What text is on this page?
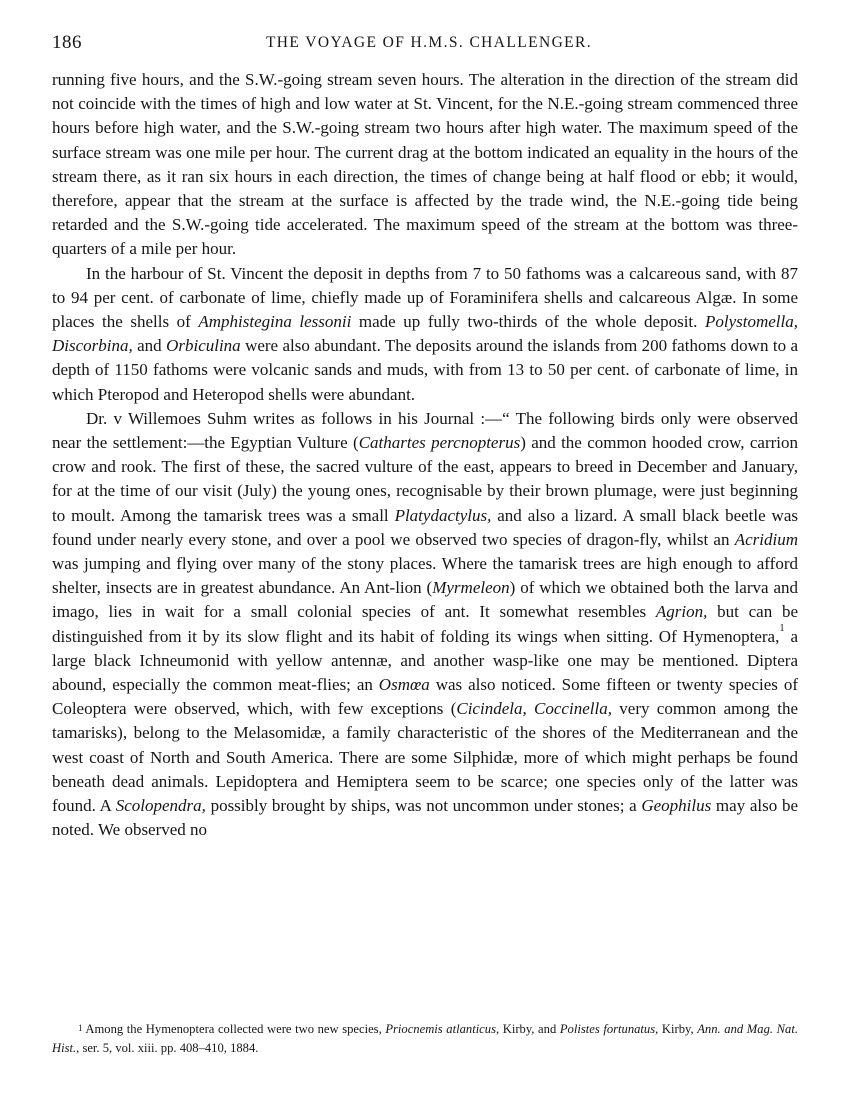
186	THE VOYAGE OF H.M.S. CHALLENGER.

running five hours, and the S.W.-going stream seven hours. The alteration in the direction of the stream did not coincide with the times of high and low water at St. Vincent, for the N.E.-going stream commenced three hours before high water, and the S.W.-going stream two hours after high water. The maximum speed of the surface stream was one mile per hour. The current drag at the bottom indicated an equality in the hours of the stream there, as it ran six hours in each direction, the times of change being at half flood or ebb; it would, therefore, appear that the stream at the surface is affected by the trade wind, the N.E.-going tide being retarded and the S.W.-going tide accelerated. The maximum speed of the stream at the bottom was three-quarters of a mile per hour.

In the harbour of St. Vincent the deposit in depths from 7 to 50 fathoms was a calcareous sand, with 87 to 94 per cent. of carbonate of lime, chiefly made up of Foraminifera shells and calcareous Algæ. In some places the shells of Amphistegina lessonii made up fully two-thirds of the whole deposit. Polystomella, Discorbina, and Orbiculina were also abundant. The deposits around the islands from 200 fathoms down to a depth of 1150 fathoms were volcanic sands and muds, with from 13 to 50 per cent. of carbonate of lime, in which Pteropod and Heteropod shells were abundant.

Dr. v Willemoes Suhm writes as follows in his Journal :—“ The following birds only were observed near the settlement:—the Egyptian Vulture (Cathartes percnopterus) and the common hooded crow, carrion crow and rook. The first of these, the sacred vulture of the east, appears to breed in December and January, for at the time of our visit (July) the young ones, recognisable by their brown plumage, were just beginning to moult. Among the tamarisk trees was a small Platydactylus, and also a lizard. A small black beetle was found under nearly every stone, and over a pool we observed two species of dragon-fly, whilst an Acridium was jumping and flying over many of the stony places. Where the tamarisk trees are high enough to afford shelter, insects are in greatest abundance. An Ant-lion (Myrmeleon) of which we obtained both the larva and imago, lies in wait for a small colonial species of ant. It somewhat resembles Agrion, but can be distinguished from it by its slow flight and its habit of folding its wings when sitting. Of Hymenoptera,$^1$ a large black Ichneumonid with yellow antennæ, and another wasp-like one may be mentioned. Diptera abound, especially the common meat-flies; an Osmœa was also noticed. Some fifteen or twenty species of Coleoptera were observed, which, with few exceptions (Cicindela, Coccinella, very common among the tamarisks), belong to the Melasomidæ, a family characteristic of the shores of the Mediterranean and the west coast of North and South America. There are some Silphidæ, more of which might perhaps be found beneath dead animals. Lepidoptera and Hemiptera seem to be scarce; one species only of the latter was found. A Scolopendra, possibly brought by ships, was not uncommon under stones; a Geophilus may also be noted. We observed no

$^1$ Among the Hymenoptera collected were two new species, Priocnemis atlanticus, Kirby, and Polistes fortunatus, Kirby, Ann. and Mag. Nat. Hist., ser. 5, vol. xiii. pp. 408–410, 1884.
